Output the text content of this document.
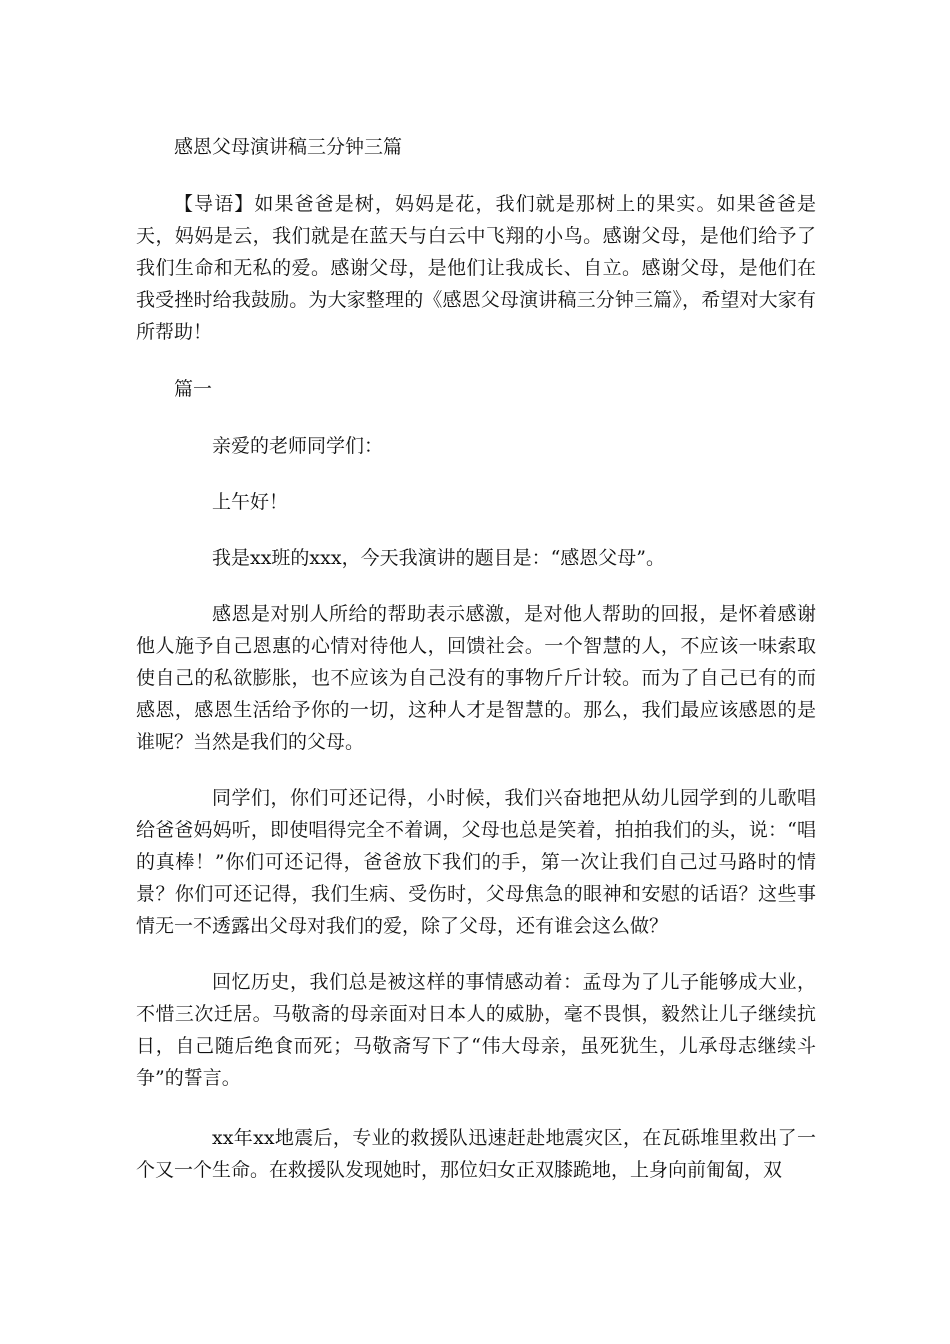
感恩父母演讲稿三分钟三篇

【导语】如果爸爸是树，妈妈是花，我们就是那树上的果实。如果爸爸是天，妈妈是云，我们就是在蓝天与白云中飞翔的小鸟。感谢父母，是他们给予了我们生命和无私的爱。感谢父母，是他们让我成长、自立。感谢父母，是他们在我受挫时给我鼓励。为大家整理的《感恩父母演讲稿三分钟三篇》，希望对大家有所帮助！

篇一

亲爱的老师同学们：

上午好！

我是xx班的xxx，今天我演讲的题目是：“感恩父母”。

感恩是对别人所给的帮助表示感激，是对他人帮助的回报，是怀着感谢他人施予自己恩惠的心情对待他人，回馈社会。一个智慧的人，不应该一味索取使自己的私欲膨胀，也不应该为自己没有的事物斤斤计较。而为了自己已有的而感恩，感恩生活给予你的一切，这种人才是智慧的。那么，我们最应该感恩的是谁呢？当然是我们的父母。

同学们，你们可还记得，小时候，我们兴奋地把从幼儿园学到的儿歌唱给爸爸妈妈听，即使唱得完全不着调，父母也总是笑着，拍拍我们的头，说：“唱的真棒！”你们可还记得，爸爸放下我们的手，第一次让我们自己过马路时的情景？你们可还记得，我们生病、受伤时，父母焦急的眼神和安慰的话语？这些事情无一不透露出父母对我们的爱，除了父母，还有谁会这么做？

回忆历史，我们总是被这样的事情感动着：孟母为了儿子能够成大业，不惜三次迁居。马敬斋的母亲面对日本人的威胁，毫不畏惧，毅然让儿子继续抗日，自己随后绝食而死；马敬斋写下了“伟大母亲，虽死犹生，儿承母志继续斗争”的誓言。

xx年xx地震后，专业的救援队迅速赶赴地震灾区，在瓦砾堆里救出了一个又一个生命。在救援队发现她时，那位妇女正双膝跪地，上身向前匍匐，双
